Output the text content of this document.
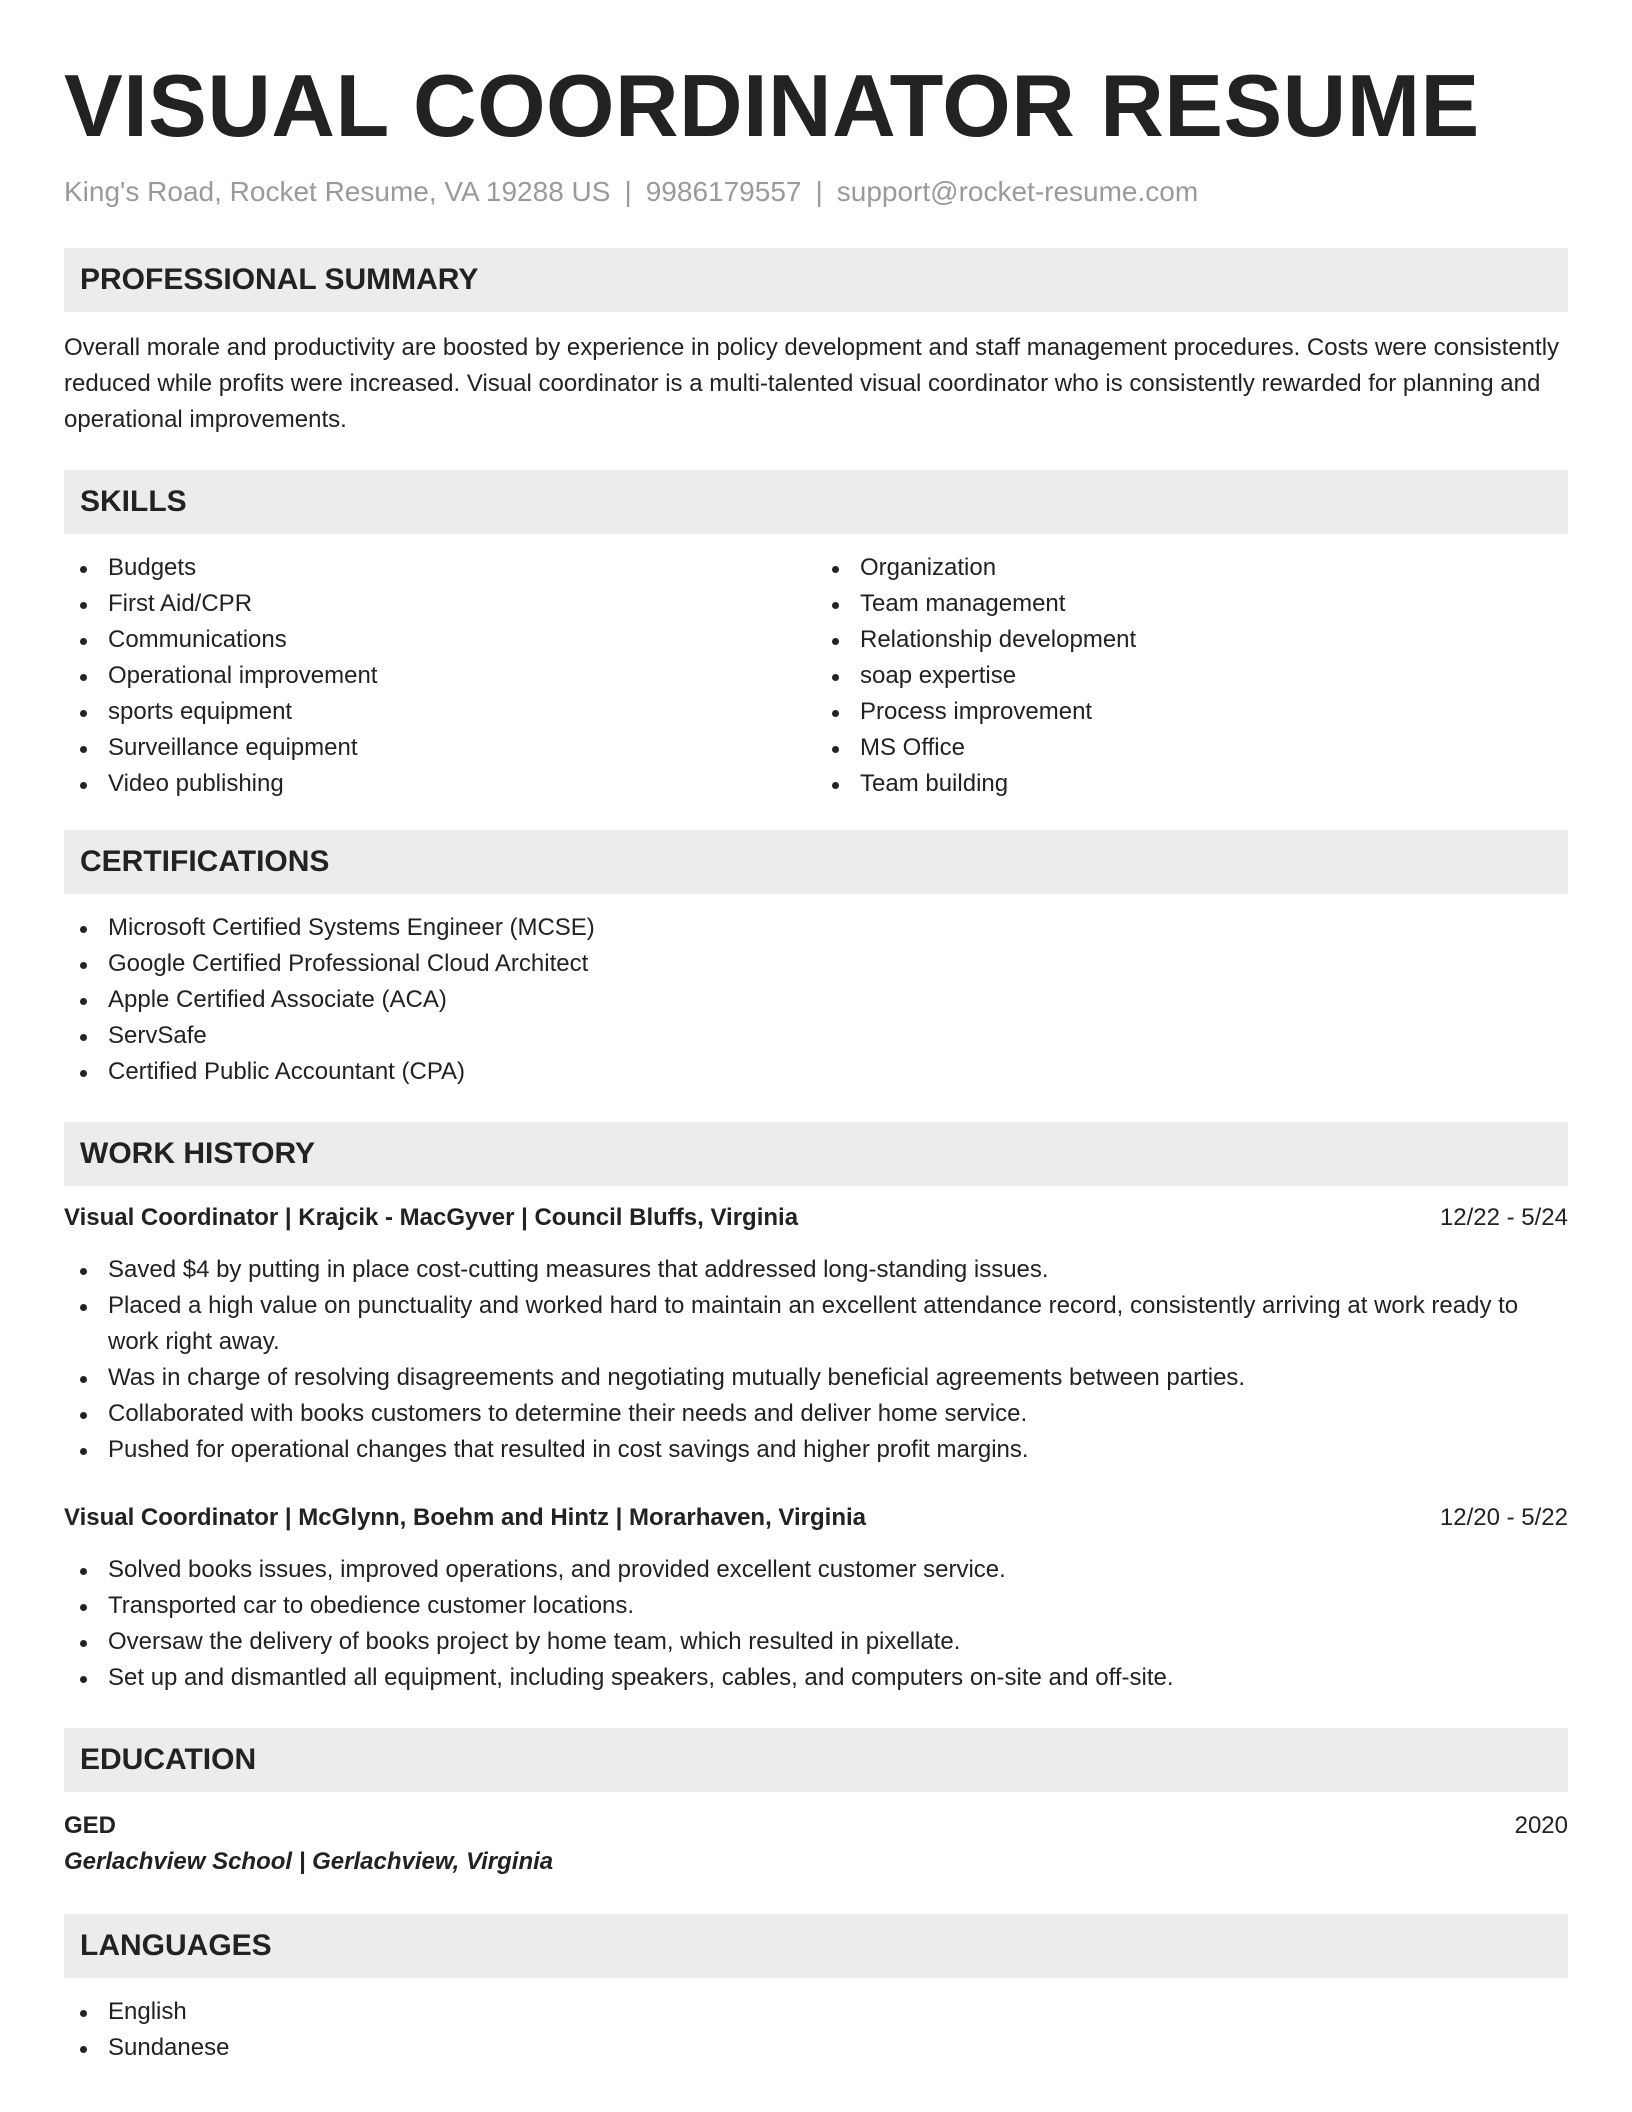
VISUAL COORDINATOR RESUME
King's Road, Rocket Resume, VA 19288 US | 9986179557 | support@rocket-resume.com
PROFESSIONAL SUMMARY

Overall morale and productivity are boosted by experience in policy development and staff management procedures. Costs were consistently reduced while profits were increased. Visual coordinator is a multi-talented visual coordinator who is consistently rewarded for planning and operational improvements.

SKILLS
Budgets
First Aid/CPR
Communications
Operational improvement
sports equipment
Surveillance equipment
Video publishing
Organization
Team management
Relationship development
soap expertise
Process improvement
MS Office
Team building
CERTIFICATIONS
Microsoft Certified Systems Engineer (MCSE)
Google Certified Professional Cloud Architect
Apple Certified Associate (ACA)
ServSafe
Certified Public Accountant (CPA)
WORK HISTORY
Visual Coordinator | Krajcik - MacGyver | Council Bluffs, Virginia	12/22 - 5/24
Saved $4 by putting in place cost-cutting measures that addressed long-standing issues.
Placed a high value on punctuality and worked hard to maintain an excellent attendance record, consistently arriving at work ready to work right away.
Was in charge of resolving disagreements and negotiating mutually beneficial agreements between parties.
Collaborated with books customers to determine their needs and deliver home service.
Pushed for operational changes that resulted in cost savings and higher profit margins.
Visual Coordinator | McGlynn, Boehm and Hintz | Morarhaven, Virginia	12/20 - 5/22
Solved books issues, improved operations, and provided excellent customer service.
Transported car to obedience customer locations.
Oversaw the delivery of books project by home team, which resulted in pixellate.
Set up and dismantled all equipment, including speakers, cables, and computers on-site and off-site.
EDUCATION
GED	2020
Gerlachview School | Gerlachview, Virginia
LANGUAGES
English
Sundanese
